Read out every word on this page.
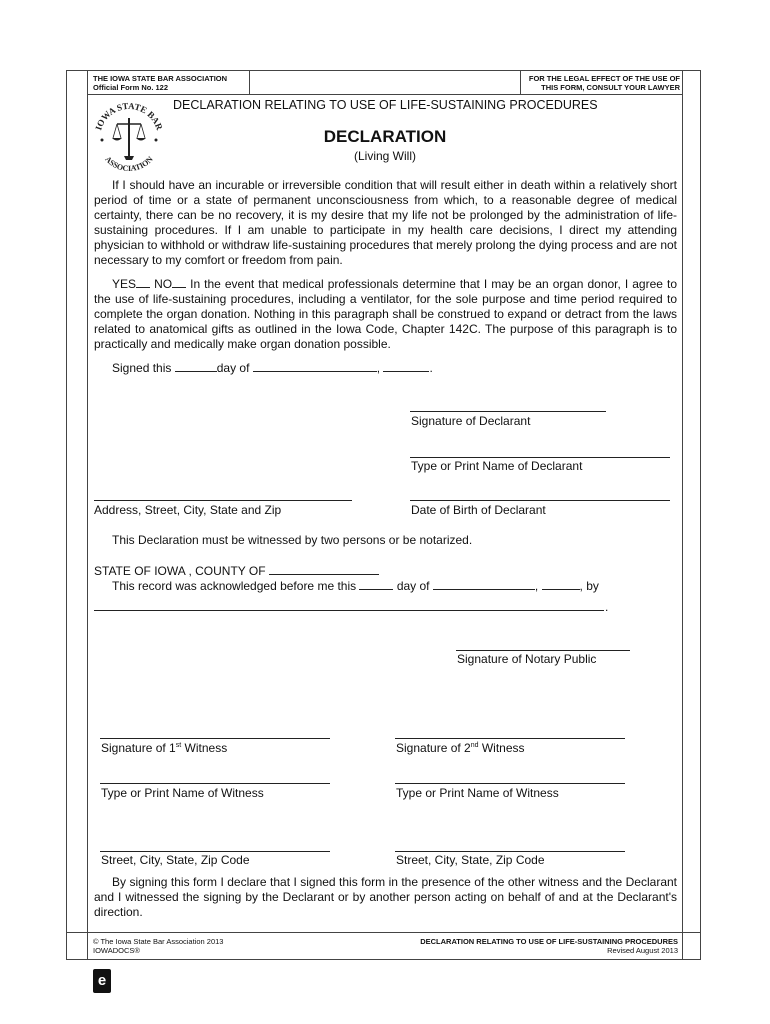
THE IOWA STATE BAR ASSOCIATION
Official Form No. 122
FOR THE LEGAL EFFECT OF THE USE OF
THIS FORM, CONSULT YOUR LAWYER
IOWA STATE BAR
ASSOCIATION
DECLARATION RELATING TO USE OF LIFE-SUSTAINING PROCEDURES
DECLARATION
(Living Will)
If I should have an incurable or irreversible condition that will result either in death within a relatively short period of time or a state of permanent unconsciousness from which, to a reasonable degree of medical certainty, there can be no recovery, it is my desire that my life not be prolonged by the administration of life-sustaining procedures. If I am unable to participate in my health care decisions, I direct my attending physician to withhold or withdraw life-sustaining procedures that merely prolong the dying process and are not necessary to my comfort or freedom from pain.
YES NO In the event that medical professionals determine that I may be an organ donor, I agree to the use of life-sustaining procedures, including a ventilator, for the sole purpose and time period required to complete the organ donation. Nothing in this paragraph shall be construed to expand or detract from the laws related to anatomical gifts as outlined in the Iowa Code, Chapter 142C. The purpose of this paragraph is to practically and medically make organ donation possible.
Signed this	day of	,	.
Signature of Declarant
Type or Print Name of Declarant
Address, Street, City, State and Zip	Date of Birth of Declarant
This Declaration must be witnessed by two persons or be notarized.
STATE OF IOWA , COUNTY OF
This record was acknowledged before me this	day of	,	, by
.
Signature of Notary Public
Signature of 1st Witness	Signature of 2nd Witness
Type or Print Name of Witness	Type or Print Name of Witness
Street, City, State, Zip Code	Street, City, State, Zip Code
By signing this form I declare that I signed this form in the presence of the other witness and the Declarant and I witnessed the signing by the Declarant or by another person acting on behalf of and at the Declarant's direction.
© The Iowa State Bar Association 2013
IOWADOCS®
DECLARATION RELATING TO USE OF LIFE-SUSTAINING PROCEDURES
Revised August 2013
e
